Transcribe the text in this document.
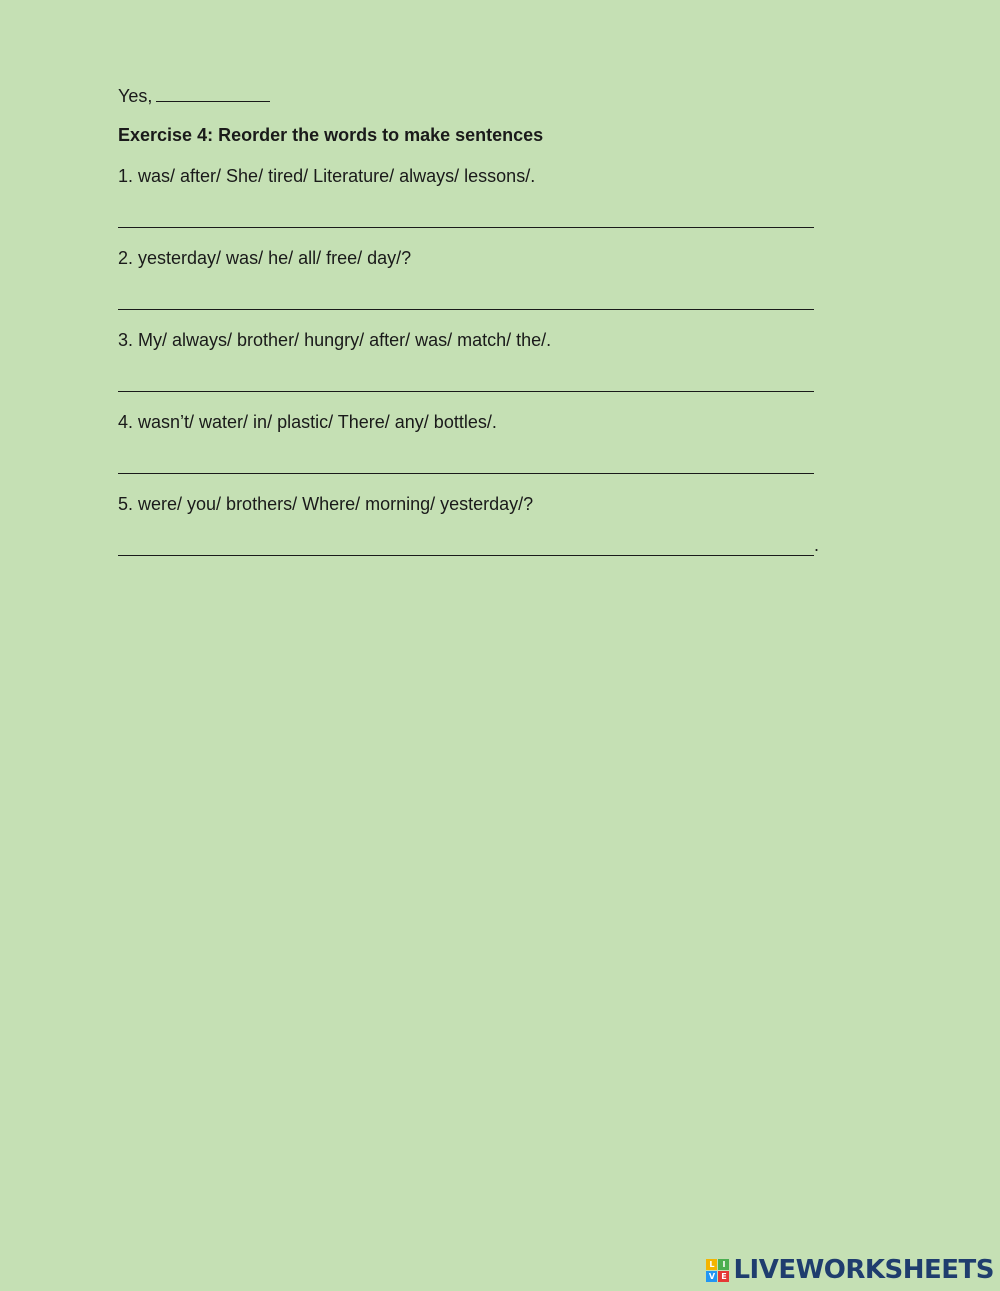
Yes,
Exercise 4: Reorder the words to make sentences
1. was/ after/ She/ tired/ Literature/ always/ lessons/.
2. yesterday/ was/ he/ all/ free/ day/?
3. My/ always/ brother/ hungry/ after/ was/ match/ the/.
4. wasn’t/ water/ in/ plastic/ There/ any/ bottles/.
5. were/ you/ brothers/ Where/ morning/ yesterday/?
.
L I
V E LIVEWORKSHEETS
